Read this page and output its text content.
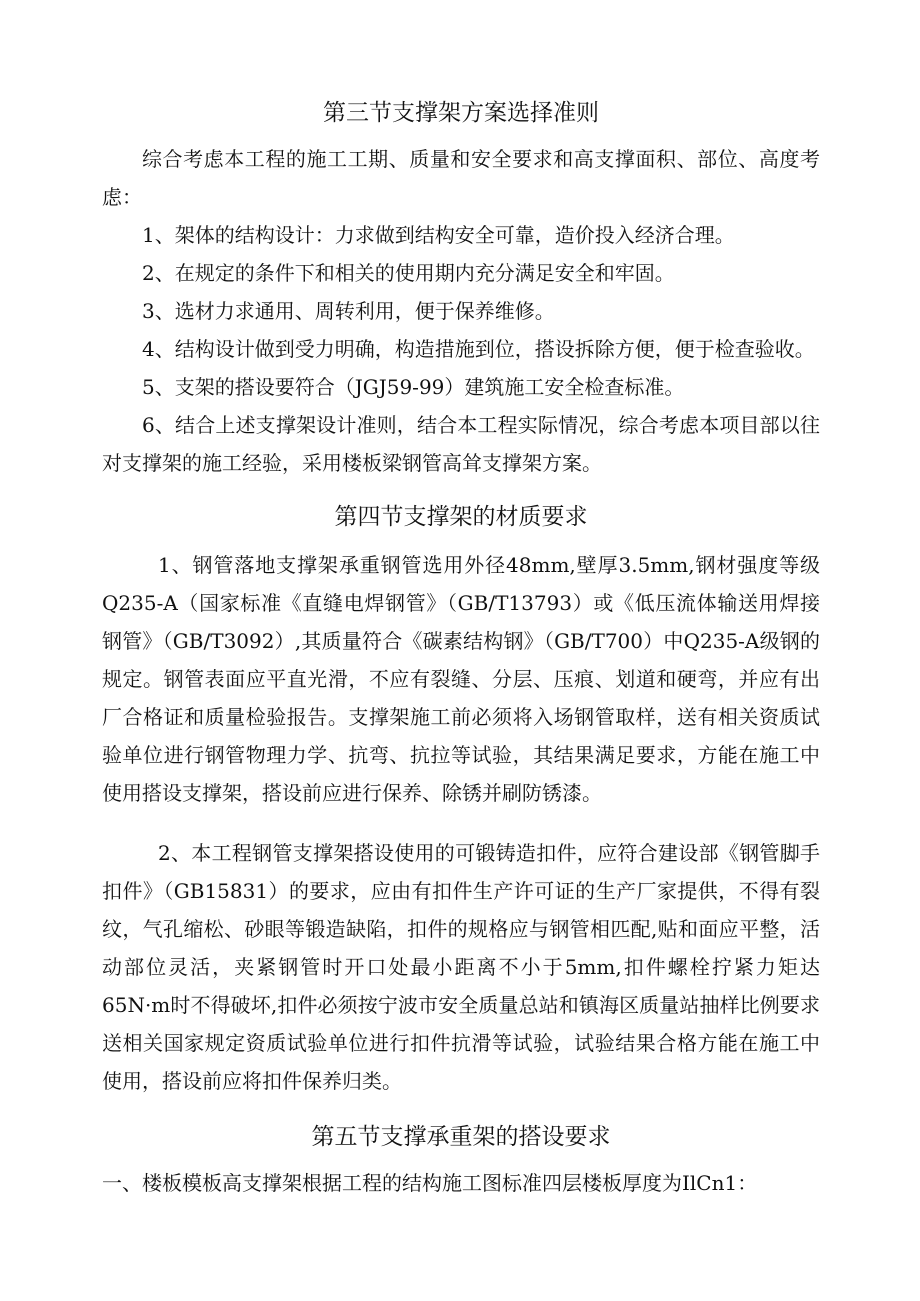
第三节支撑架方案选择准则

综合考虑本工程的施工工期、质量和安全要求和高支撑面积、部位、高度考虑：

1、架体的结构设计：力求做到结构安全可靠，造价投入经济合理。

2、在规定的条件下和相关的使用期内充分满足安全和牢固。

3、选材力求通用、周转利用，便于保养维修。

4、结构设计做到受力明确，构造措施到位，搭设拆除方便，便于检查验收。

5、支架的搭设要符合（JGJ59-99）建筑施工安全检查标准。

6、结合上述支撑架设计准则，结合本工程实际情况，综合考虑本项目部以往对支撑架的施工经验，采用楼板梁钢管高耸支撑架方案。

第四节支撑架的材质要求

1、钢管落地支撑架承重钢管选用外径48mm,壁厚3.5mm,钢材强度等级Q235-A（国家标准《直缝电焊钢管》（GB/T13793）或《低压流体输送用焊接钢管》（GB/T3092）,其质量符合《碳素结构钢》（GB/T700）中Q235-A级钢的规定。钢管表面应平直光滑，不应有裂缝、分层、压痕、划道和硬弯，并应有出厂合格证和质量检验报告。支撑架施工前必须将入场钢管取样，送有相关资质试验单位进行钢管物理力学、抗弯、抗拉等试验，其结果满足要求，方能在施工中使用搭设支撑架，搭设前应进行保养、除锈并刷防锈漆。

2、本工程钢管支撑架搭设使用的可锻铸造扣件，应符合建设部《钢管脚手扣件》（GB15831）的要求，应由有扣件生产许可证的生产厂家提供，不得有裂纹，气孔缩松、砂眼等锻造缺陷，扣件的规格应与钢管相匹配,贴和面应平整，活动部位灵活，夹紧钢管时开口处最小距离不小于5mm,扣件螺栓拧紧力矩达65N·m时不得破坏,扣件必须按宁波市安全质量总站和镇海区质量站抽样比例要求送相关国家规定资质试验单位进行扣件抗滑等试验，试验结果合格方能在施工中使用，搭设前应将扣件保养归类。

第五节支撑承重架的搭设要求

一、楼板模板高支撑架根据工程的结构施工图标准四层楼板厚度为IlCn1：
